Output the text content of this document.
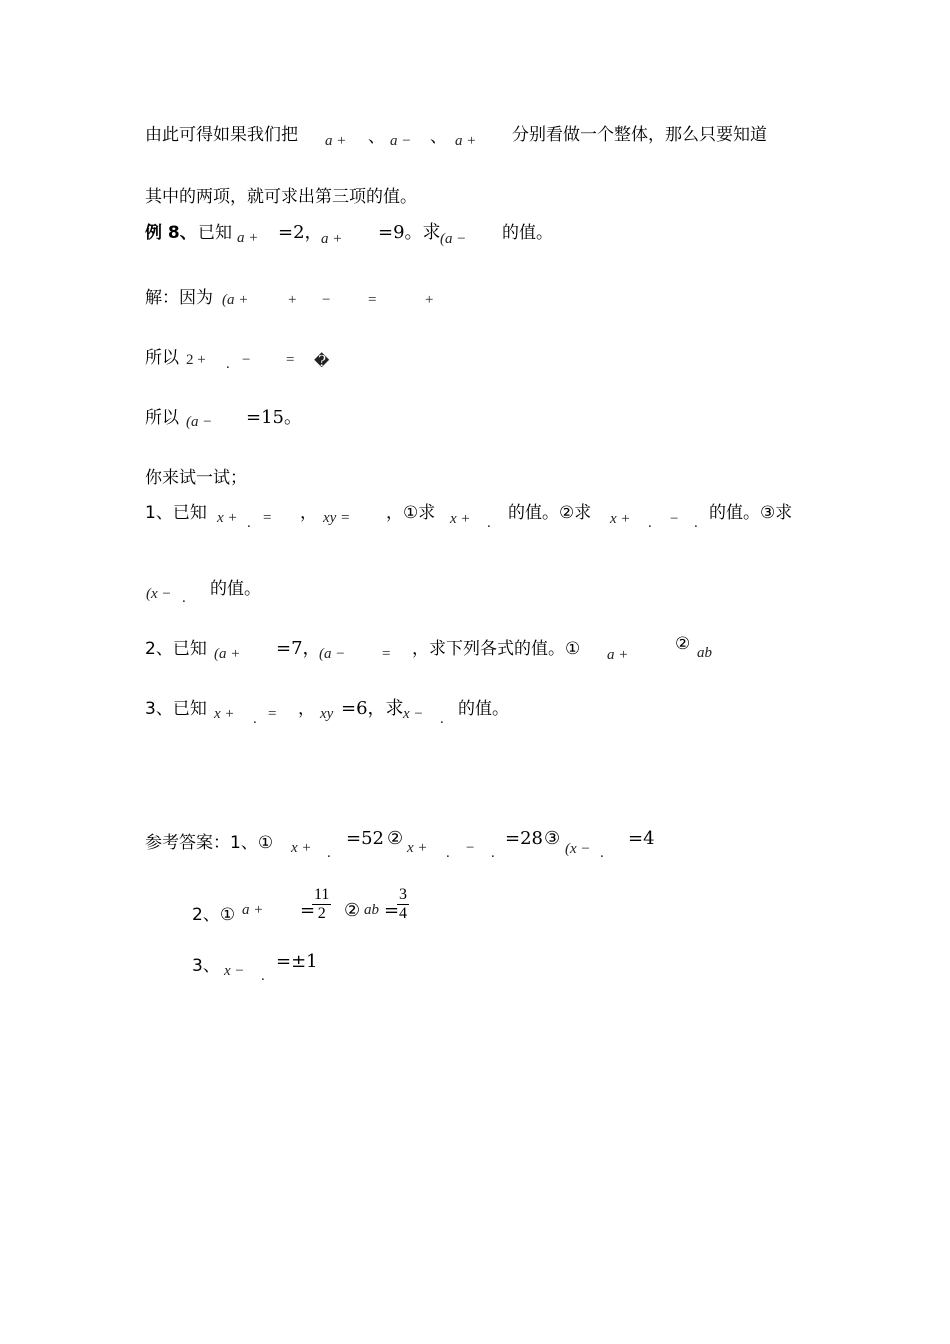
由此可得如果我们把 a + 、 a − 、 a + 分别看做一个整体，那么只要知道
其中的两项，就可求出第三项的值。
例 8、 已知 a + =2，
a + =9。求 (a − 的值。
解：因为 (a +	+ −	=	+
所以 2 + . − = �
所以 (a − =15。
你来试一试；
1、已知 x + . = ， xy = ，①求 x + . 的值。②求 x + . − . 的值。③求
(x − . 的值。
2、已知 (a + =7，
(a − = ，求下列各式的值。① a +
② ab
3、已知 x + . = ， xy =6，求 x − . 的值。
参考答案：1、① x + .
=52 ② x + . − .
=28 ③ (x − .
=4
2、① a + =
$\frac{11}{2}$ ② ab =
$\frac{3}{4}$
3、 x − .
=±1
